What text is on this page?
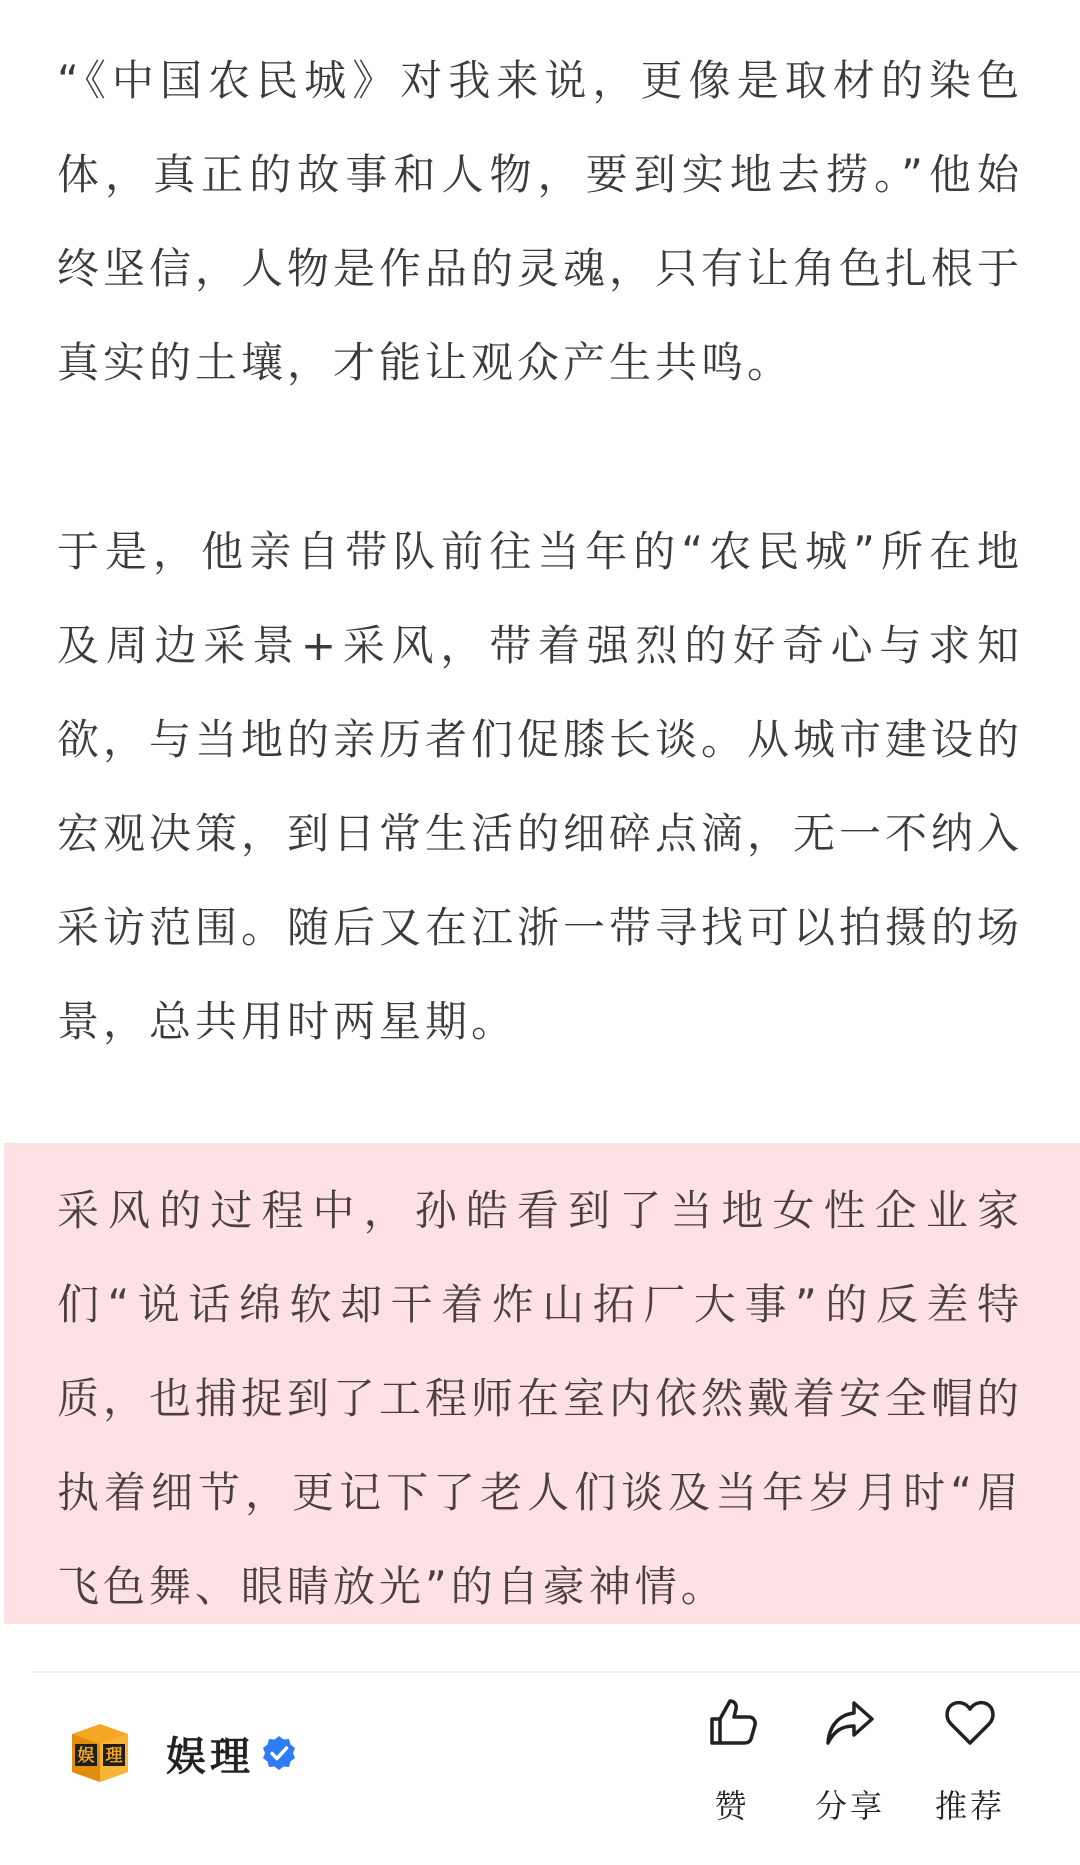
“《中国农民城》对我来说，更像是取材的染色体，真正的故事和人物，要到实地去捞。”他始终坚信，人物是作品的灵魂，只有让角色扎根于真实的土壤，才能让观众产生共鸣。

于是，他亲自带队前往当年的“农民城”所在地及周边采景+采风，带着强烈的好奇心与求知欲，与当地的亲历者们促膝长谈。从城市建设的宏观决策，到日常生活的细碎点滴，无一不纳入采访范围。随后又在江浙一带寻找可以拍摄的场景，总共用时两星期。

采风的过程中，孙皓看到了当地女性企业家们“说话绵软却干着炸山拓厂大事”的反差特质，也捕捉到了工程师在室内依然戴着安全帽的执着细节，更记下了老人们谈及当年岁月时“眉飞色舞、眼睛放光”的自豪神情。

娱 理 娱理
赞 分享 推荐
